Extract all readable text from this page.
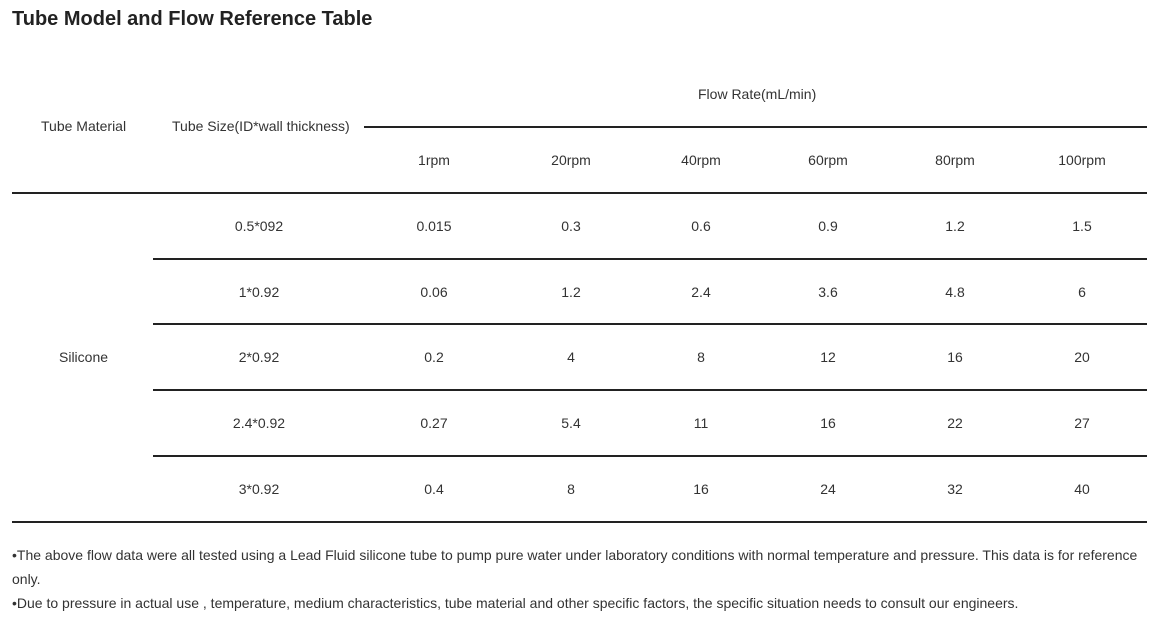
Tube Model and Flow Reference Table
Tube Material	Tube Size(ID*wall thickness)
Flow Rate(mL/min)
1rpm	20rpm	40rpm	60rpm	80rpm	100rpm
Silicone
0.5*092	0.015	0.3	0.6	0.9	1.2	1.5
1*0.92	0.06	1.2	2.4	3.6	4.8	6
2*0.92	0.2	4	8	12	16	20
2.4*0.92	0.27	5.4	11	16	22	27
3*0.92	0.4	8	16	24	32	40

•The above flow data were all tested using a Lead Fluid silicone tube to pump pure water under laboratory conditions with normal temperature and pressure. This data is for reference only.

•Due to pressure in actual use , temperature, medium characteristics, tube material and other specific factors, the specific situation needs to consult our engineers.
